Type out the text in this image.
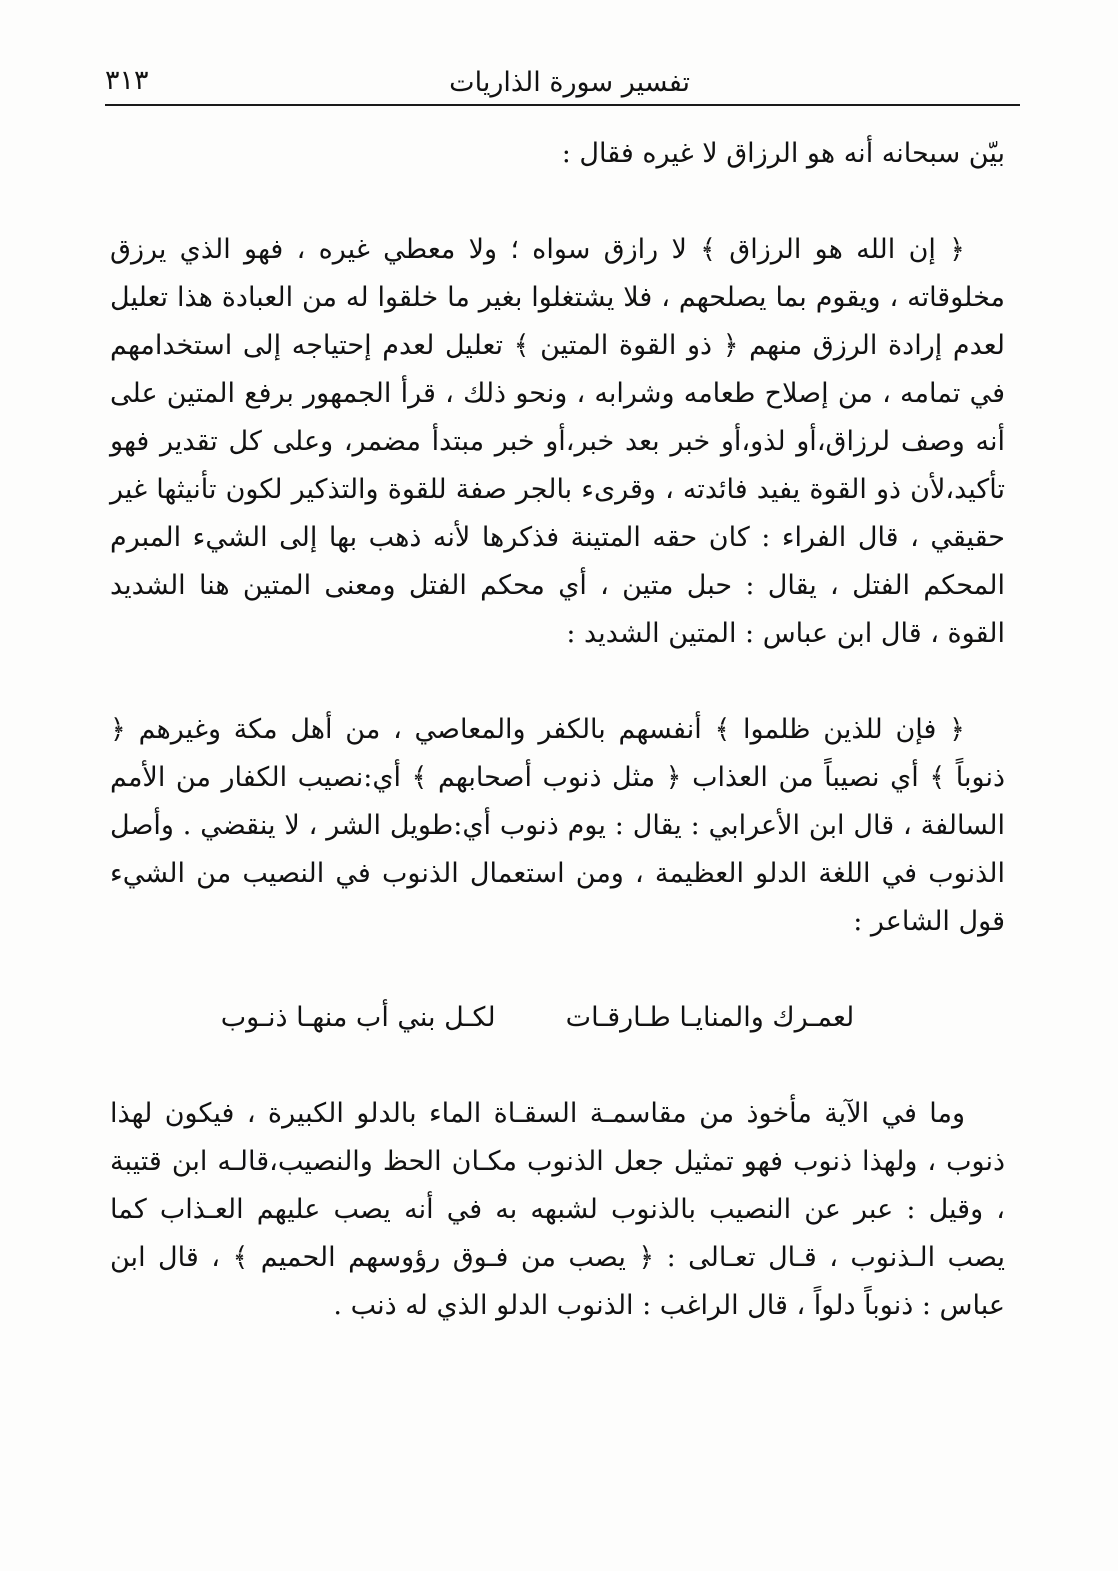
تفسير سورة الذاريات
٣١٣

بيّن سبحانه أنه هو الرزاق لا غيره فقال :

﴿ إن الله هو الرزاق ﴾ لا رازق سواه ؛ ولا معطي غيره ، فهو الذي يرزق مخلوقاته ، ويقوم بما يصلحهم ، فلا يشتغلوا بغير ما خلقوا له من العبادة هذا تعليل لعدم إرادة الرزق منهم ﴿ ذو القوة المتين ﴾ تعليل لعدم إحتياجه إلى استخدامهم في تمامه ، من إصلاح طعامه وشرابه ، ونحو ذلك ، قرأ الجمهور برفع المتين على أنه وصف لرزاق،أو لذو،أو خبر بعد خبر،أو خبر مبتدأ مضمر، وعلى كل تقدير فهو تأكيد،لأن ذو القوة يفيد فائدته ، وقرىء بالجر صفة للقوة والتذكير لكون تأنيثها غير حقيقي ، قال الفراء : كان حقه المتينة فذكرها لأنه ذهب بها إلى الشيء المبرم المحكم الفتل ، يقال : حبل متين ، أي محكم الفتل ومعنى المتين هنا الشديد القوة ، قال ابن عباس : المتين الشديد :

﴿ فإن للذين ظلموا ﴾ أنفسهم بالكفر والمعاصي ، من أهل مكة وغيرهم ﴿ ذنوباً ﴾ أي نصيباً من العذاب ﴿ مثل ذنوب أصحابهم ﴾ أي:نصيب الكفار من الأمم السالفة ، قال ابن الأعرابي : يقال : يوم ذنوب أي:طويل الشر ، لا ينقضي . وأصل الذنوب في اللغة الدلو العظيمة ، ومن استعمال الذنوب في النصيب من الشيء قول الشاعر :

لعمـرك والمنايـا طـارقـات
لكـل بني أب منهـا ذنـوب

وما في الآية مأخوذ من مقاسمـة السقـاة الماء بالدلو الكبيرة ، فيكون لهذا ذنوب ، ولهذا ذنوب فهو تمثيل جعل الذنوب مكـان الحظ والنصيب،قالـه ابن قتيبة ، وقيل : عبر عن النصيب بالذنوب لشبهه به في أنه يصب عليهم العـذاب كما يصب الـذنوب ، قـال تعـالى : ﴿ يصب من فـوق رؤوسهم الحميم ﴾ ، قال ابن عباس : ذنوباً دلواً ، قال الراغب : الذنوب الدلو الذي له ذنب .
